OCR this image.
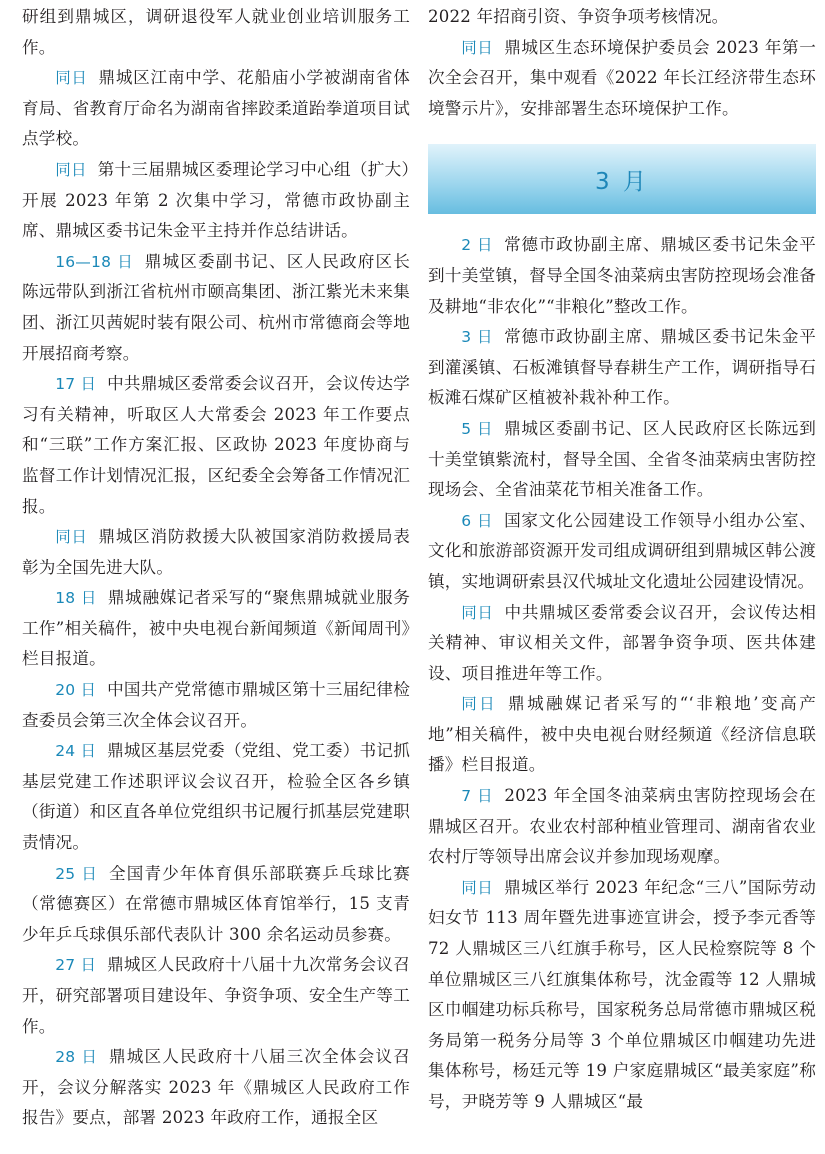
研组到鼎城区，调研退役军人就业创业培训服务工作。

同日 鼎城区江南中学、花船庙小学被湖南省体育局、省教育厅命名为湖南省摔跤柔道跆拳道项目试点学校。

同日 第十三届鼎城区委理论学习中心组（扩大）开展 2023 年第 2 次集中学习，常德市政协副主席、鼎城区委书记朱金平主持并作总结讲话。

16—18 日 鼎城区委副书记、区人民政府区长陈远带队到浙江省杭州市颐高集团、浙江紫光未来集团、浙江贝茜妮时装有限公司、杭州市常德商会等地开展招商考察。

17 日 中共鼎城区委常委会议召开，会议传达学习有关精神，听取区人大常委会 2023 年工作要点和“三联”工作方案汇报、区政协 2023 年度协商与监督工作计划情况汇报，区纪委全会筹备工作情况汇报。

同日 鼎城区消防救援大队被国家消防救援局表彰为全国先进大队。

18 日 鼎城融媒记者采写的“聚焦鼎城就业服务工作”相关稿件，被中央电视台新闻频道《新闻周刊》栏目报道。

20 日 中国共产党常德市鼎城区第十三届纪律检查委员会第三次全体会议召开。

24 日 鼎城区基层党委（党组、党工委）书记抓基层党建工作述职评议会议召开，检验全区各乡镇（街道）和区直各单位党组织书记履行抓基层党建职责情况。

25 日 全国青少年体育俱乐部联赛乒乓球比赛（常德赛区）在常德市鼎城区体育馆举行，15 支青少年乒乓球俱乐部代表队计 300 余名运动员参赛。

27 日 鼎城区人民政府十八届十九次常务会议召开，研究部署项目建设年、争资争项、安全生产等工作。

28 日 鼎城区人民政府十八届三次全体会议召开，会议分解落实 2023 年《鼎城区人民政府工作报告》要点，部署 2023 年政府工作，通报全区

2022 年招商引资、争资争项考核情况。

同日 鼎城区生态环境保护委员会 2023 年第一次全会召开，集中观看《2022 年长江经济带生态环境警示片》，安排部署生态环境保护工作。

3 月

2 日 常德市政协副主席、鼎城区委书记朱金平到十美堂镇，督导全国冬油菜病虫害防控现场会准备及耕地“非农化”“非粮化”整改工作。

3 日 常德市政协副主席、鼎城区委书记朱金平到灌溪镇、石板滩镇督导春耕生产工作，调研指导石板滩石煤矿区植被补栽补种工作。

5 日 鼎城区委副书记、区人民政府区长陈远到十美堂镇紫流村，督导全国、全省冬油菜病虫害防控现场会、全省油菜花节相关准备工作。

6 日 国家文化公园建设工作领导小组办公室、文化和旅游部资源开发司组成调研组到鼎城区韩公渡镇，实地调研索县汉代城址文化遗址公园建设情况。

同日 中共鼎城区委常委会议召开，会议传达相关精神、审议相关文件，部署争资争项、医共体建设、项目推进年等工作。

同日 鼎城融媒记者采写的“‘非粮地’变高产地”相关稿件，被中央电视台财经频道《经济信息联播》栏目报道。

7 日 2023 年全国冬油菜病虫害防控现场会在鼎城区召开。农业农村部种植业管理司、湖南省农业农村厅等领导出席会议并参加现场观摩。

同日 鼎城区举行 2023 年纪念“三八”国际劳动妇女节 113 周年暨先进事迹宣讲会，授予李元香等 72 人鼎城区三八红旗手称号，区人民检察院等 8 个单位鼎城区三八红旗集体称号，沈金霞等 12 人鼎城区巾帼建功标兵称号，国家税务总局常德市鼎城区税务局第一税务分局等 3 个单位鼎城区巾帼建功先进集体称号，杨廷元等 19 户家庭鼎城区“最美家庭”称号，尹晓芳等 9 人鼎城区“最
